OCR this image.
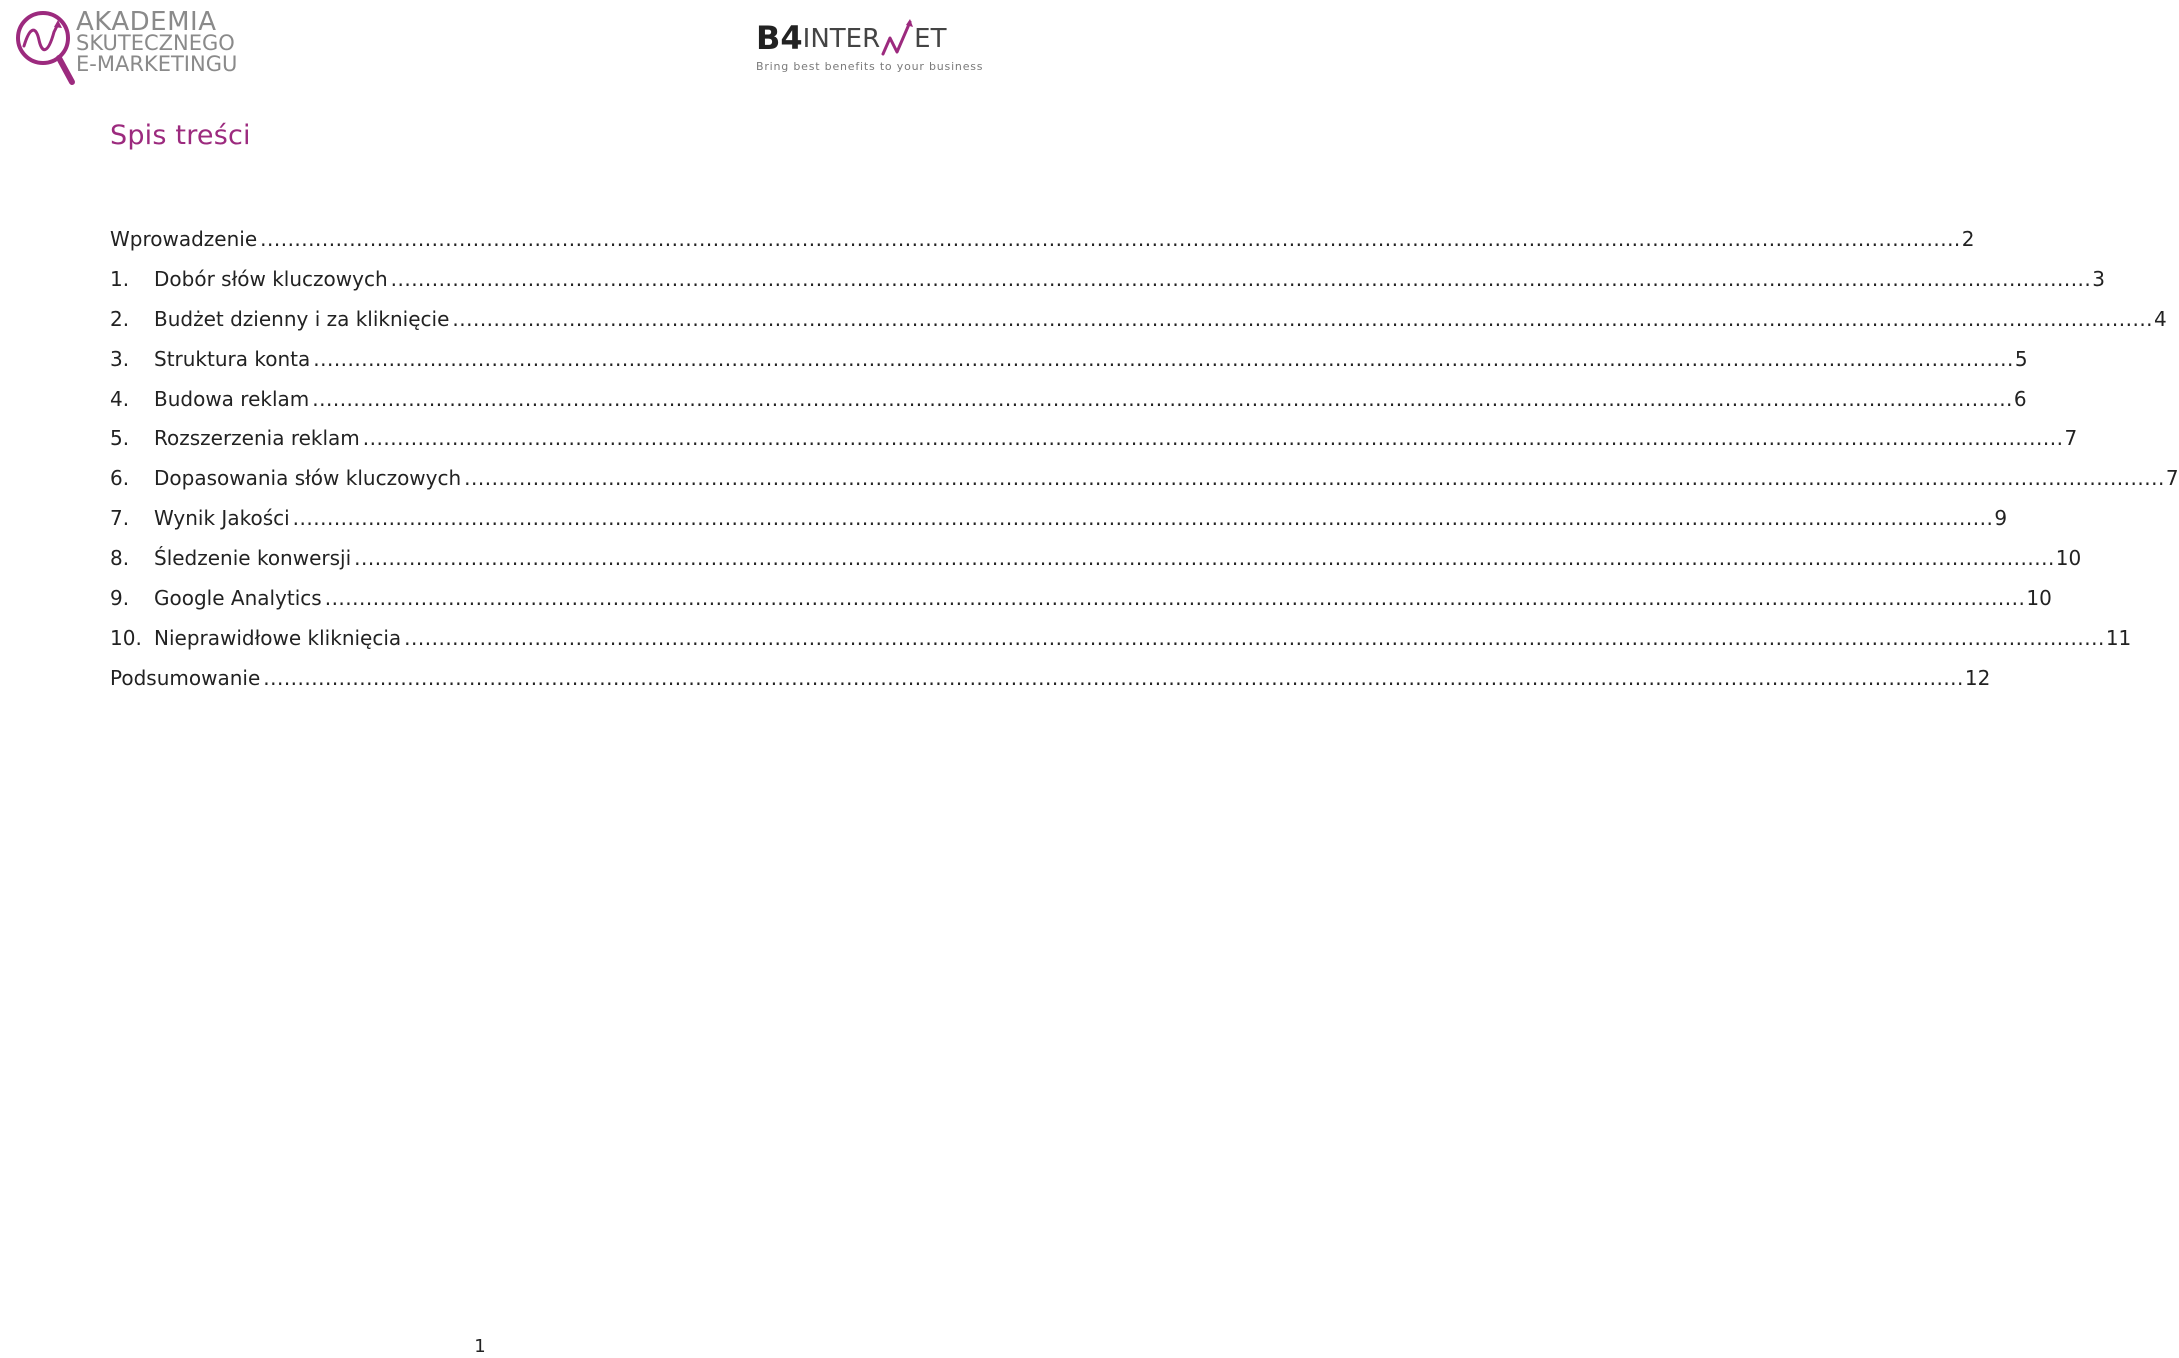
AKADEMIA
SKUTECZNEGO
E-MARKETINGU
B4INTER ET
Bring best benefits to your business
Spis treści
Wprowadzenie .....	2
1.	Dobór słów kluczowych .....	3
2.	Budżet dzienny i za kliknięcie .....	4
3.	Struktura konta .....	5
4.	Budowa reklam .....	6
5.	Rozszerzenia reklam .....	7
6.	Dopasowania słów kluczowych .....	7
7.	Wynik Jakości .....	9
8.	Śledzenie konwersji .....	10
9.	Google Analytics .....	10
10. Nieprawidłowe kliknięcia .....	11
Podsumowanie .....	12
1
